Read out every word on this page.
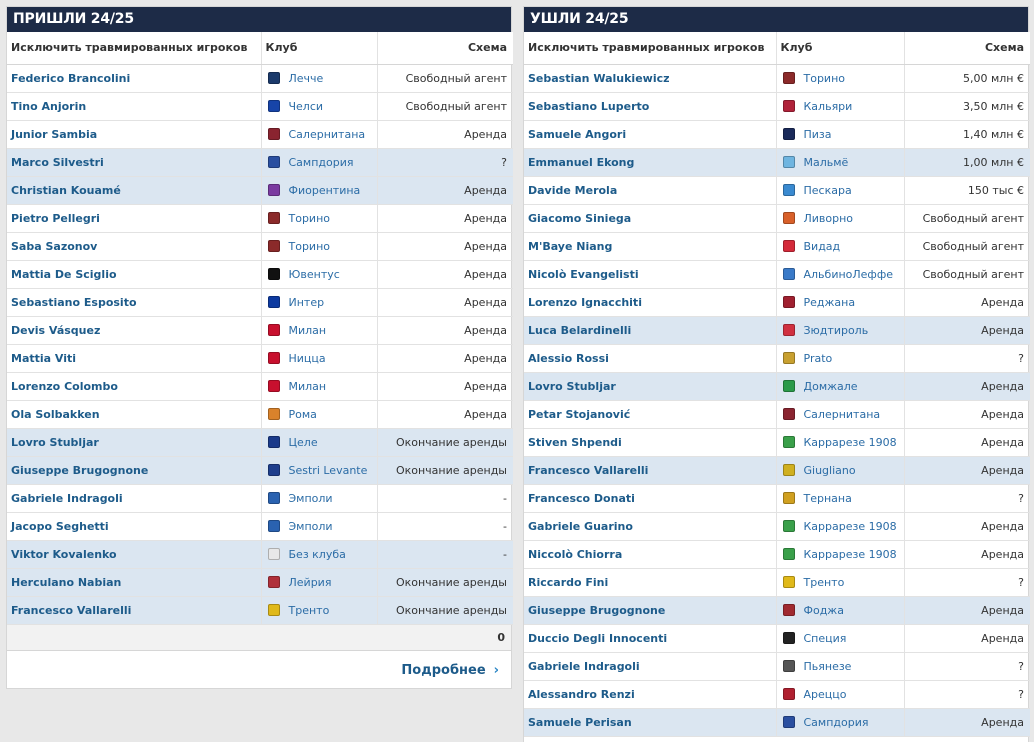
ПРИШЛИ 24/25
Исключить травмированных игроков	Клуб	Схема
Federico Brancolini	Лечче	Свободный агент
Tino Anjorin	Челси	Свободный агент
Junior Sambia	Салернитана	Аренда
Marco Silvestri	Сампдория	?
Christian Kouamé	Фиорентина	Аренда
Pietro Pellegri	Торино	Аренда
Saba Sazonov	Торино	Аренда
Mattia De Sciglio	Ювентус	Аренда
Sebastiano Esposito	Интер	Аренда
Devis Vásquez	Милан	Аренда
Mattia Viti	Ницца	Аренда
Lorenzo Colombo	Милан	Аренда
Ola Solbakken	Рома	Аренда
Lovro Stubljar	Целе	Окончание аренды
Giuseppe Brugognone	Sestri Levante	Окончание аренды
Gabriele Indragoli	Эмполи	-
Jacopo Seghetti	Эмполи	-
Viktor Kovalenko	Без клуба	-
Herculano Nabian	Лейрия	Окончание аренды
Francesco Vallarelli	Тренто	Окончание аренды
0
Подробнее ›
УШЛИ 24/25
Исключить травмированных игроков	Клуб	Схема
Sebastian Walukiewicz	Торино	5,00 млн €
Sebastiano Luperto	Кальяри	3,50 млн €
Samuele Angori	Пиза	1,40 млн €
Emmanuel Ekong	Мальмё	1,00 млн €
Davide Merola	Пескара	150 тыс €
Giacomo Siniega	Ливорно	Свободный агент
M'Baye Niang	Видад	Свободный агент
Nicolò Evangelisti	АльбиноЛеффе	Свободный агент
Lorenzo Ignacchiti	Реджана	Аренда
Luca Belardinelli	Зюдтироль	Аренда
Alessio Rossi	Prato	?
Lovro Stubljar	Домжале	Аренда
Petar Stojanović	Салернитана	Аренда
Stiven Shpendi	Каррарезе 1908	Аренда
Francesco Vallarelli	Giugliano	Аренда
Francesco Donati	Тернана	?
Gabriele Guarino	Каррарезе 1908	Аренда
Niccolò Chiorra	Каррарезе 1908	Аренда
Riccardo Fini	Тренто	?
Giuseppe Brugognone	Фоджа	Аренда
Duccio Degli Innocenti	Специя	Аренда
Gabriele Indragoli	Пьянезе	?
Alessandro Renzi	Ареццо	?
Samuele Perisan	Сампдория	Аренда
